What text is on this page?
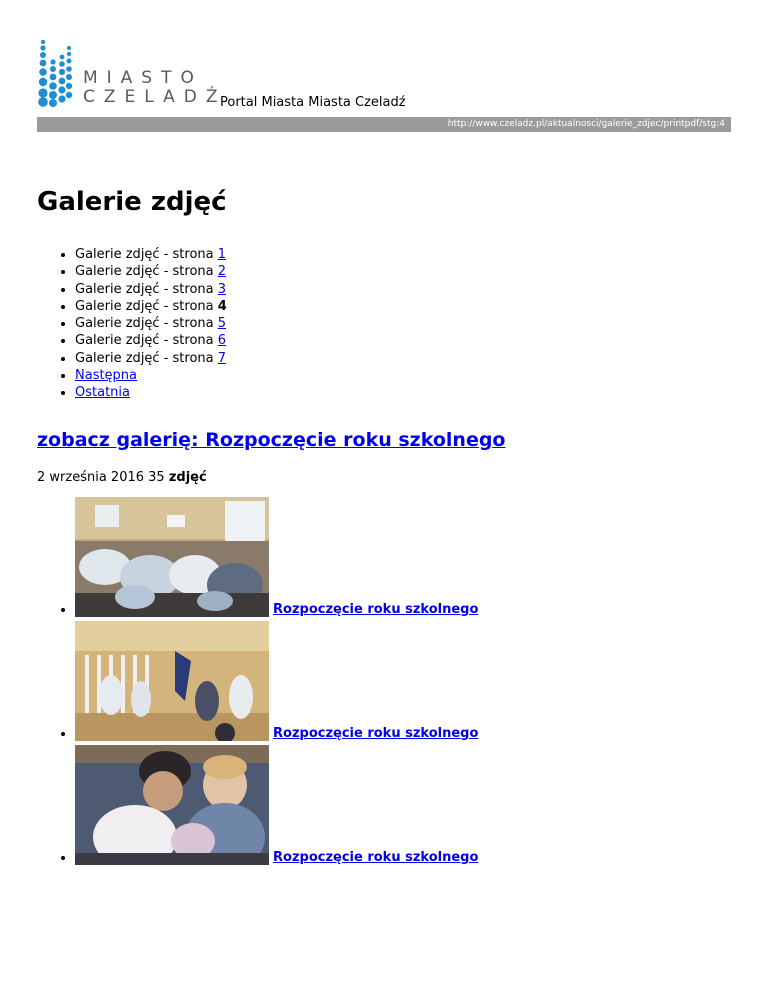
MIASTO
CZELADŹ
Portal Miasta Miasta Czeladź
http://www.czeladz.pl/aktualnosci/galerie_zdjec/printpdf/stg:4
Galerie zdjęć
• Galerie zdjęć - strona 1
• Galerie zdjęć - strona 2
• Galerie zdjęć - strona 3
• Galerie zdjęć - strona 4
• Galerie zdjęć - strona 5
• Galerie zdjęć - strona 6
• Galerie zdjęć - strona 7
• Następna
• Ostatnia
zobacz galerię: Rozpoczęcie roku szkolnego
2 września 2016 35 zdjęć
• Rozpoczęcie roku szkolnego
• Rozpoczęcie roku szkolnego
• Rozpoczęcie roku szkolnego
